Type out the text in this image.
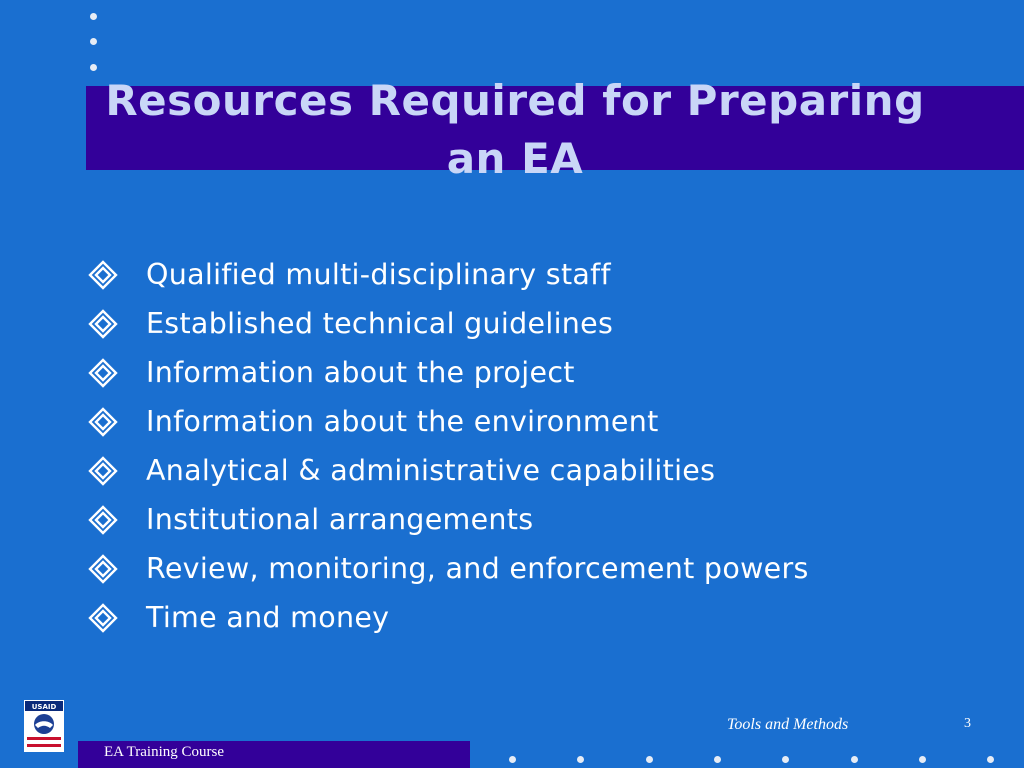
Resources Required for Preparing an EA
Qualified multi-disciplinary staff
Established technical guidelines
Information about the project
Information about the environment
Analytical & administrative capabilities
Institutional arrangements
Review, monitoring, and enforcement powers
Time and money
USAID
EA Training Course
Tools and Methods	3
